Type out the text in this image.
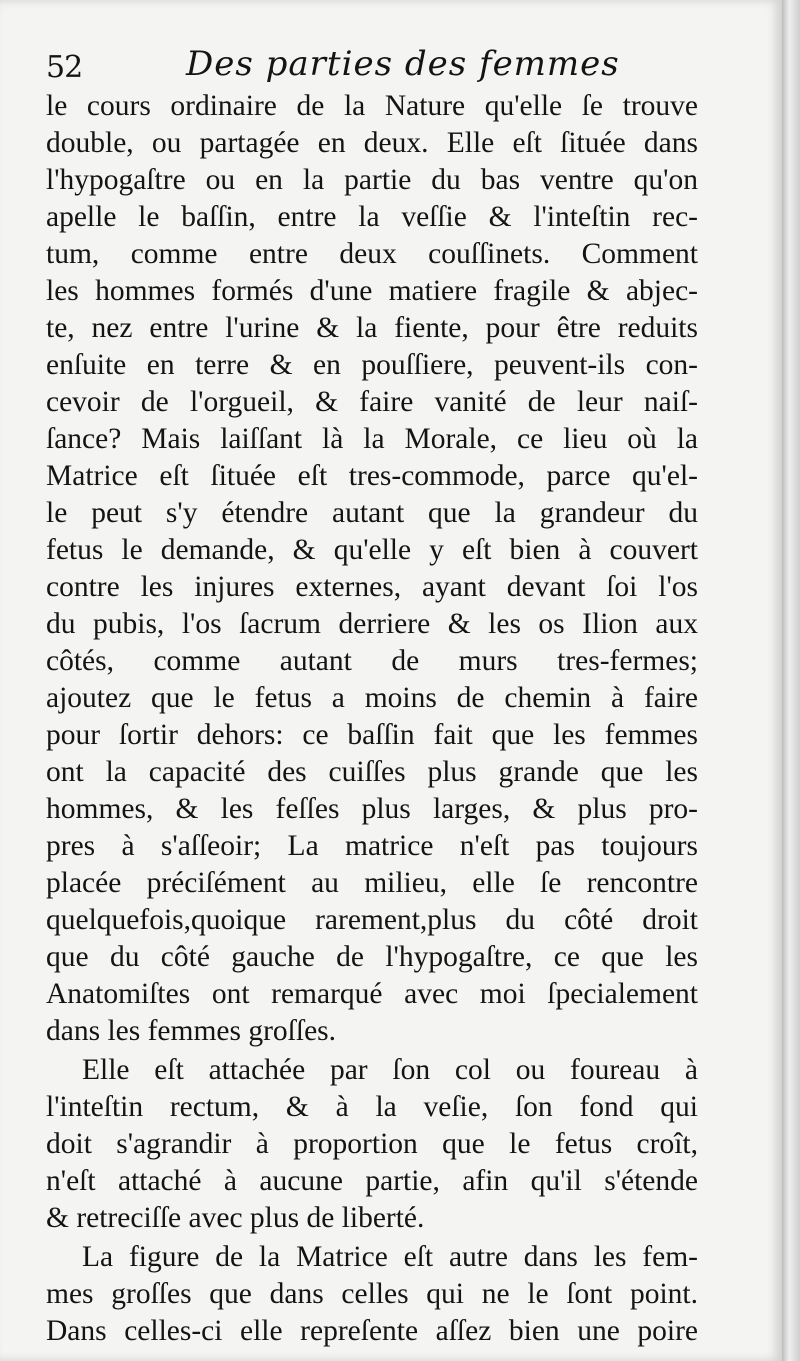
52	Des parties des femmes
le cours ordinaire de la Nature qu'elle ſe trouve
double, ou partagée en deux. Elle eſt ſituée dans
l'hypogaſtre ou en la partie du bas ventre qu'on
apelle le baſſin, entre la veſſie & l'inteſtin rec-
tum, comme entre deux couſſinets. Comment
les hommes formés d'une matiere fragile & abjec-
te, nez entre l'urine & la fiente, pour être reduits
enſuite en terre & en pouſſiere, peuvent-ils con-
cevoir de l'orgueil, & faire vanité de leur naiſ-
ſance? Mais laiſſant là la Morale, ce lieu où la
Matrice eſt ſituée eſt tres-commode, parce qu'el-
le peut s'y étendre autant que la grandeur du
fetus le demande, & qu'elle y eſt bien à couvert
contre les injures externes, ayant devant ſoi l'os
du pubis, l'os ſacrum derriere & les os Ilion aux
côtés, comme autant de murs tres-fermes;
ajoutez que le fetus a moins de chemin à faire
pour ſortir dehors: ce baſſin fait que les femmes
ont la capacité des cuiſſes plus grande que les
hommes, & les feſſes plus larges, & plus pro-
pres à s'aſſeoir; La matrice n'eſt pas toujours
placée préciſément au milieu, elle ſe rencontre
quelquefois,quoique rarement,plus du côté droit
que du côté gauche de l'hypogaſtre, ce que les
Anatomiſtes ont remarqué avec moi ſpecialement
dans les femmes groſſes.
Elle eſt attachée par ſon col ou foureau à
l'inteſtin rectum, & à la veſie, ſon fond qui
doit s'agrandir à proportion que le fetus croît,
n'eſt attaché à aucune partie, afin qu'il s'étende
& retreciſſe avec plus de liberté.
La figure de la Matrice eſt autre dans les fem-
mes groſſes que dans celles qui ne le ſont point.
Dans celles-ci elle repreſente aſſez bien une poire
